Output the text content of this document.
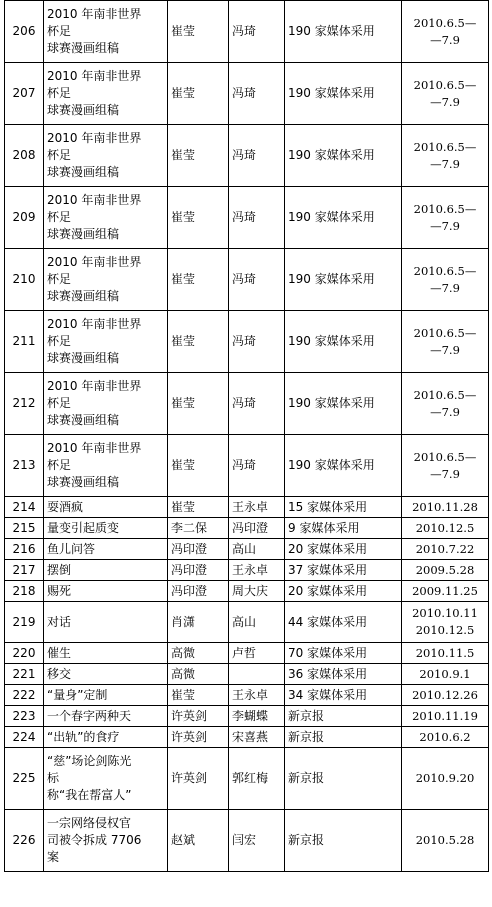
206	2010 年南非世界
杯足
球赛漫画组稿	崔莹	冯琦	190 家媒体采用	2010.6.5—
—7.9
207	2010 年南非世界
杯足
球赛漫画组稿	崔莹	冯琦	190 家媒体采用	2010.6.5—
—7.9
208	2010 年南非世界
杯足
球赛漫画组稿	崔莹	冯琦	190 家媒体采用	2010.6.5—
—7.9
209	2010 年南非世界
杯足
球赛漫画组稿	崔莹	冯琦	190 家媒体采用	2010.6.5—
—7.9
210	2010 年南非世界
杯足
球赛漫画组稿	崔莹	冯琦	190 家媒体采用	2010.6.5—
—7.9
211	2010 年南非世界
杯足
球赛漫画组稿	崔莹	冯琦	190 家媒体采用	2010.6.5—
—7.9
212	2010 年南非世界
杯足
球赛漫画组稿	崔莹	冯琦	190 家媒体采用	2010.6.5—
—7.9
213	2010 年南非世界
杯足
球赛漫画组稿	崔莹	冯琦	190 家媒体采用	2010.6.5—
—7.9
214	耍酒疯	崔莹	王永卓	15 家媒体采用	2010.11.28
215	量变引起质变	李二保	冯印澄	9 家媒体采用	2010.12.5
216	鱼儿问答	冯印澄	高山	20 家媒体采用	2010.7.22
217	摆倒	冯印澄	王永卓	37 家媒体采用	2009.5.28
218	赐死	冯印澄	周大庆	20 家媒体采用	2009.11.25
219	对话	肖潇	高山	44 家媒体采用	2010.10.11
2010.12.5
220	催生	高微	卢哲	70 家媒体采用	2010.11.5
221	移交	高微		36 家媒体采用	2010.9.1
222	“量身”定制	崔莹	王永卓	34 家媒体采用	2010.12.26
223	一个春字两种天	许英剑	李蝴蝶	新京报	2010.11.19
224	“出轨”的食疗	许英剑	宋喜燕	新京报	2010.6.2
225	“慈”场论剑陈光
标
称“我在帮富人”	许英剑	郭红梅	新京报	2010.9.20
226	一宗网络侵权官
司被令拆成 7706
案	赵斌	闫宏	新京报	2010.5.28
